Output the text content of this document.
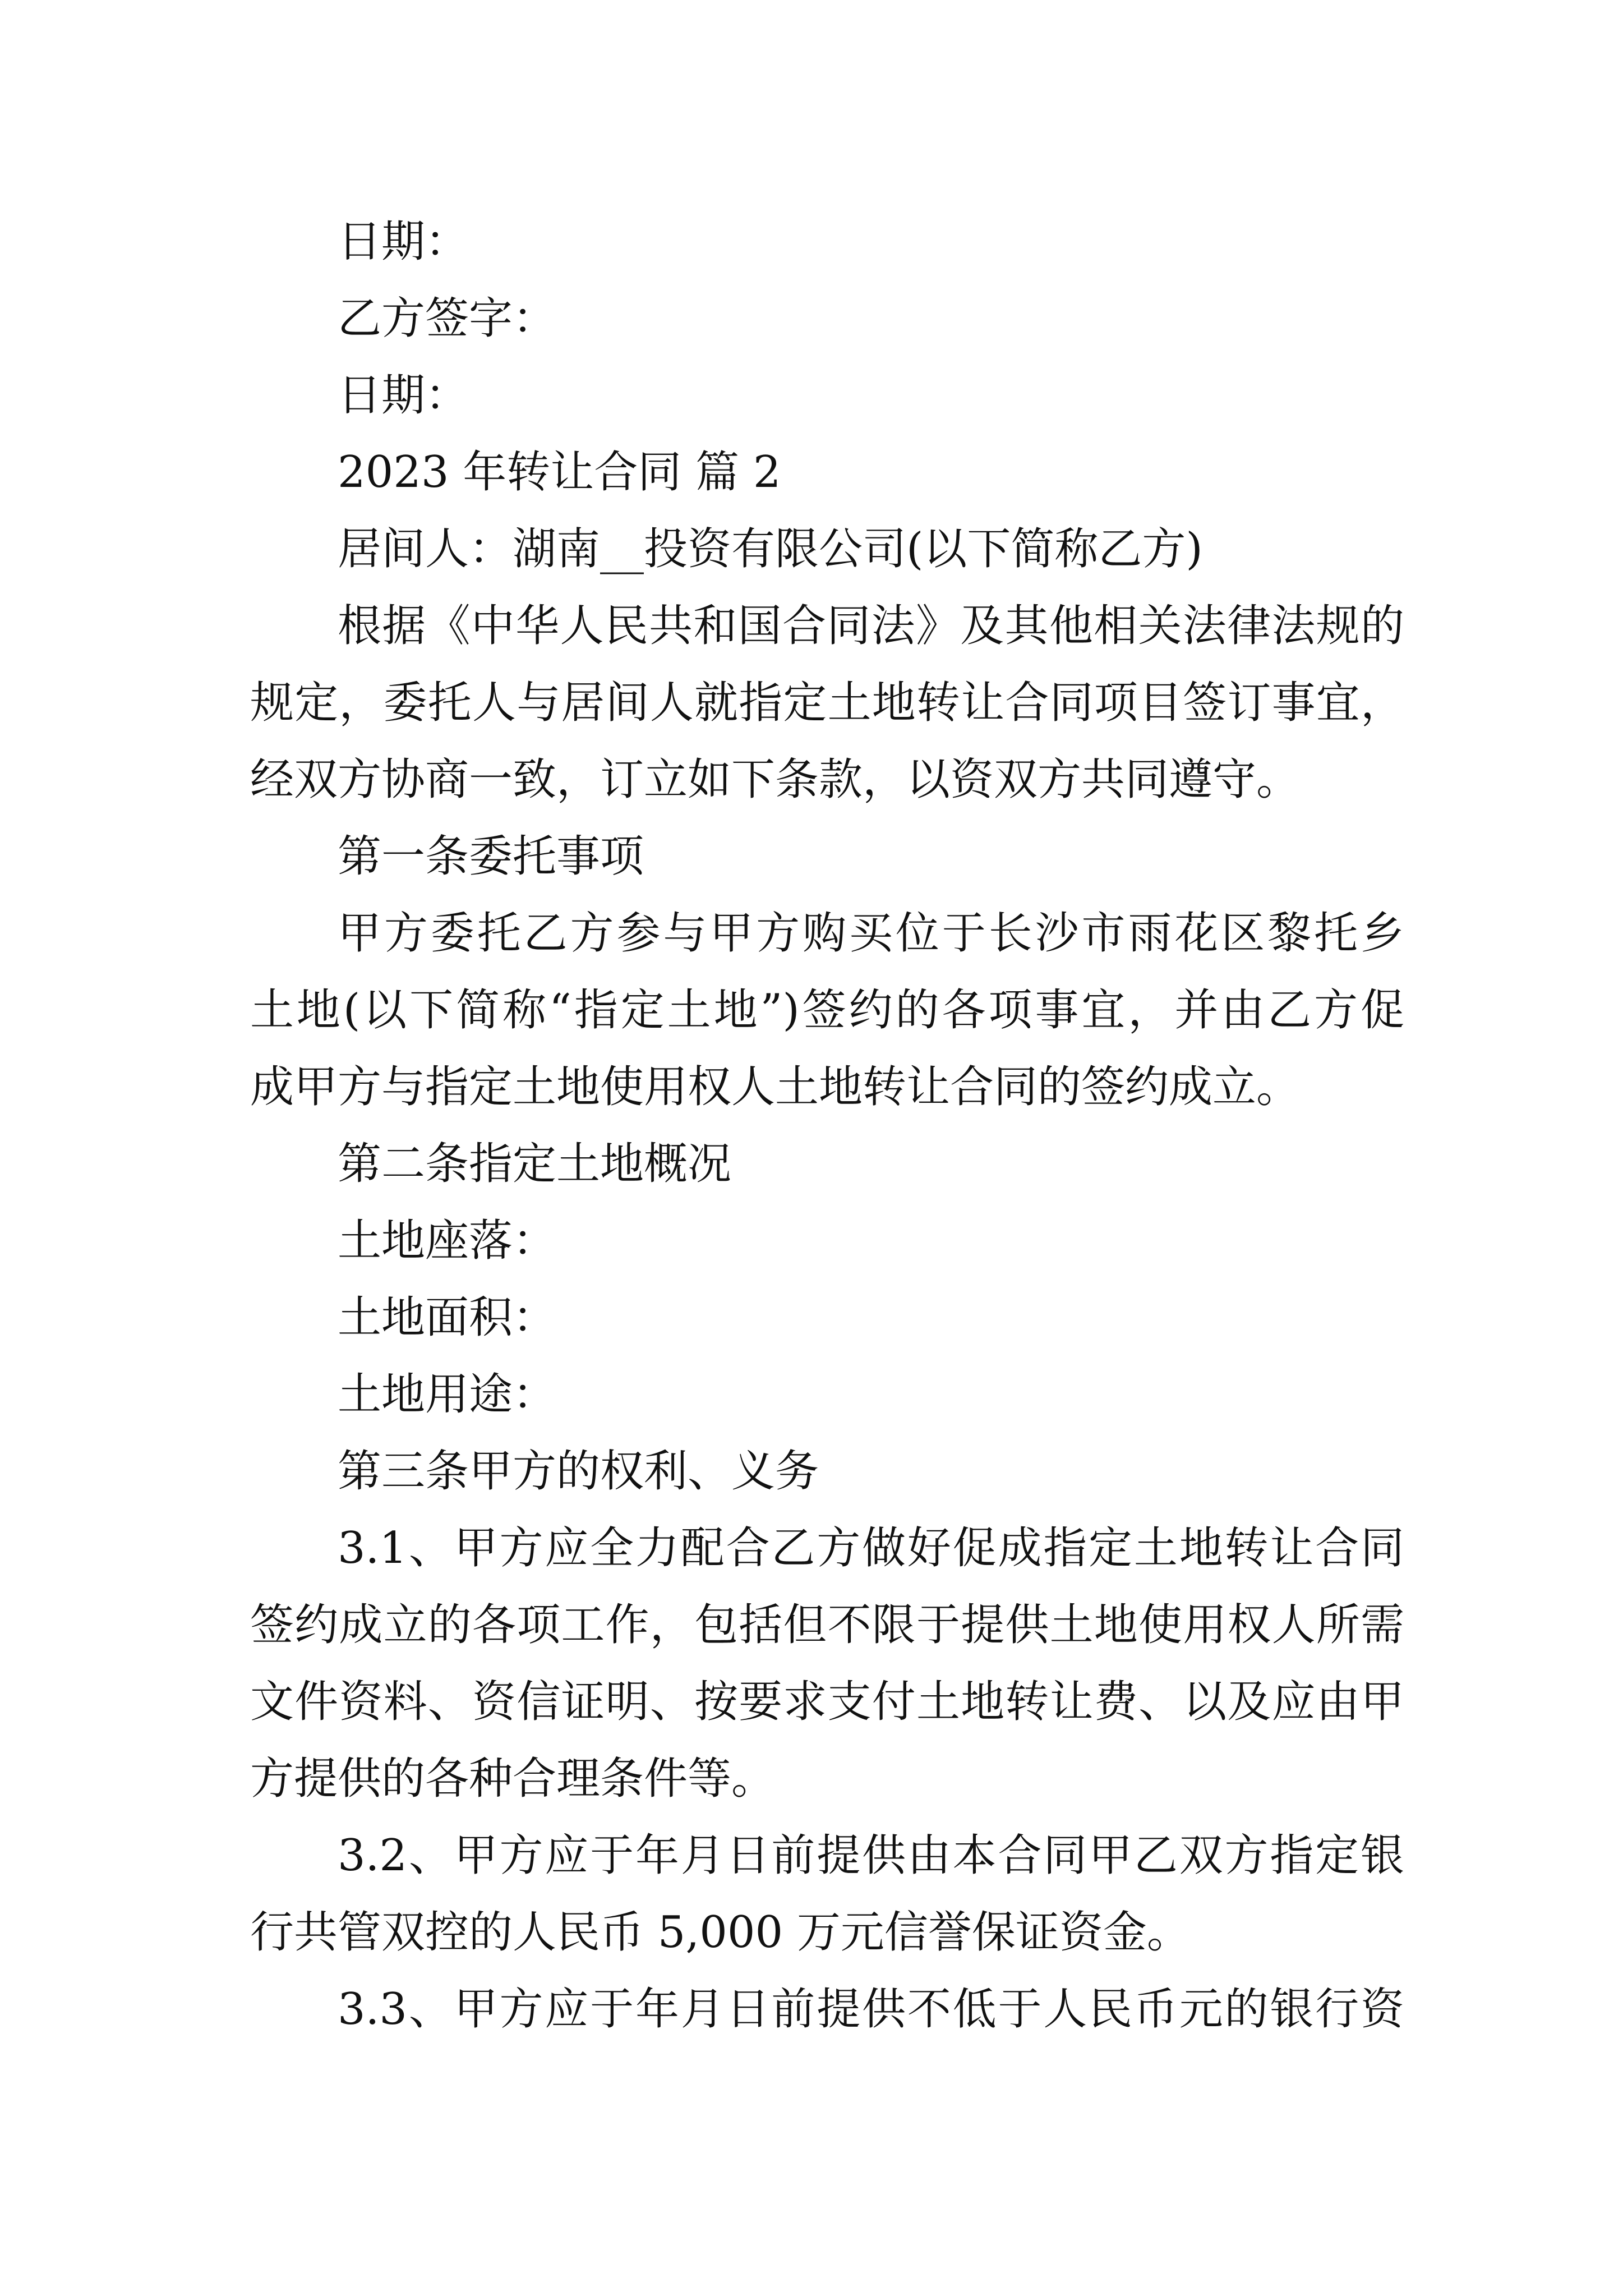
日期：
乙方签字：
日期：
2023 年转让合同 篇 2
居间人：湖南__投资有限公司(以下简称乙方)
根据《中华人民共和国合同法》及其他相关法律法规的
规定，委托人与居间人就指定土地转让合同项目签订事宜，
经双方协商一致，订立如下条款，以资双方共同遵守。
第一条委托事项
甲方委托乙方参与甲方购买位于长沙市雨花区黎托乡
土地(以下简称“指定土地”)签约的各项事宜，并由乙方促
成甲方与指定土地使用权人土地转让合同的签约成立。
第二条指定土地概况
土地座落：
土地面积：
土地用途：
第三条甲方的权利、义务
3.1、甲方应全力配合乙方做好促成指定土地转让合同
签约成立的各项工作，包括但不限于提供土地使用权人所需
文件资料、资信证明、按要求支付土地转让费、以及应由甲
方提供的各种合理条件等。
3.2、甲方应于年月日前提供由本合同甲乙双方指定银
行共管双控的人民币 5,000 万元信誉保证资金。
3.3、甲方应于年月日前提供不低于人民币元的银行资
